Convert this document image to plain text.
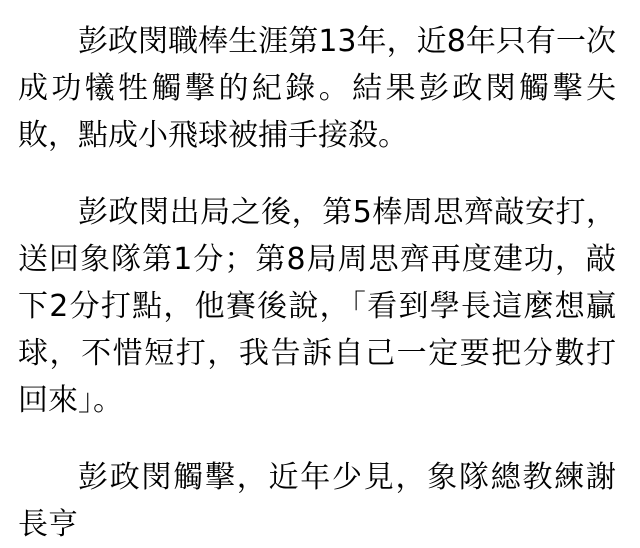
彭政閔職棒生涯第13年，近8年只有一次成功犧牲觸擊的紀錄。結果彭政閔觸擊失敗，點成小飛球被捕手接殺。

彭政閔出局之後，第5棒周思齊敲安打，送回象隊第1分；第8局周思齊再度建功，敲下2分打點，他賽後說，「看到學長這麼想贏球，不惜短打，我告訴自己一定要把分數打回來」。

彭政閔觸擊，近年少見，象隊總教練謝長亨
